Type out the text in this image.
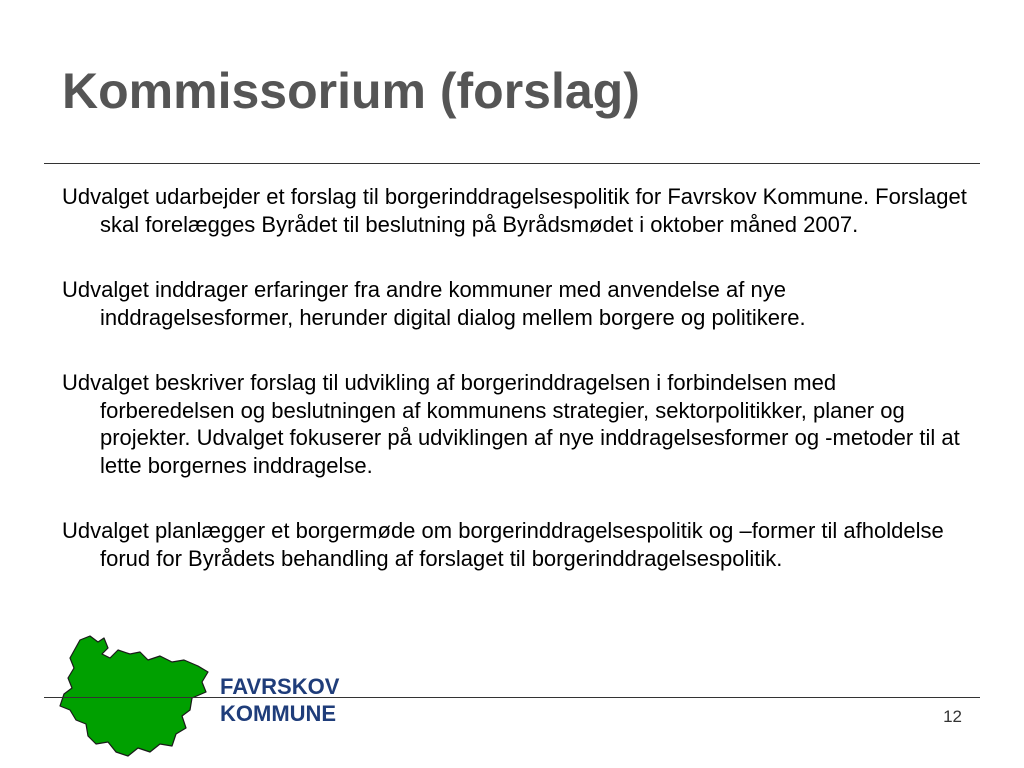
Kommissorium (forslag)

Udvalget udarbejder et forslag til borgerinddragelsespolitik for Favrskov Kommune. Forslaget skal forelægges Byrådet til beslutning på Byrådsmødet i oktober måned 2007.

Udvalget inddrager erfaringer fra andre kommuner med anvendelse af nye inddragelsesformer, herunder digital dialog mellem borgere og politikere.

Udvalget beskriver forslag til udvikling af borgerinddragelsen i forbindelsen med forberedelsen og beslutningen af kommunens strategier, sektorpolitikker, planer og projekter. Udvalget fokuserer på udviklingen af nye inddragelsesformer og -metoder til at lette borgernes inddragelse.

Udvalget planlægger et borgermøde om borgerinddragelsespolitik og –former til afholdelse forud for Byrådets behandling af forslaget til borgerinddragelsespolitik.

FAVRSKOV
KOMMUNE	12
